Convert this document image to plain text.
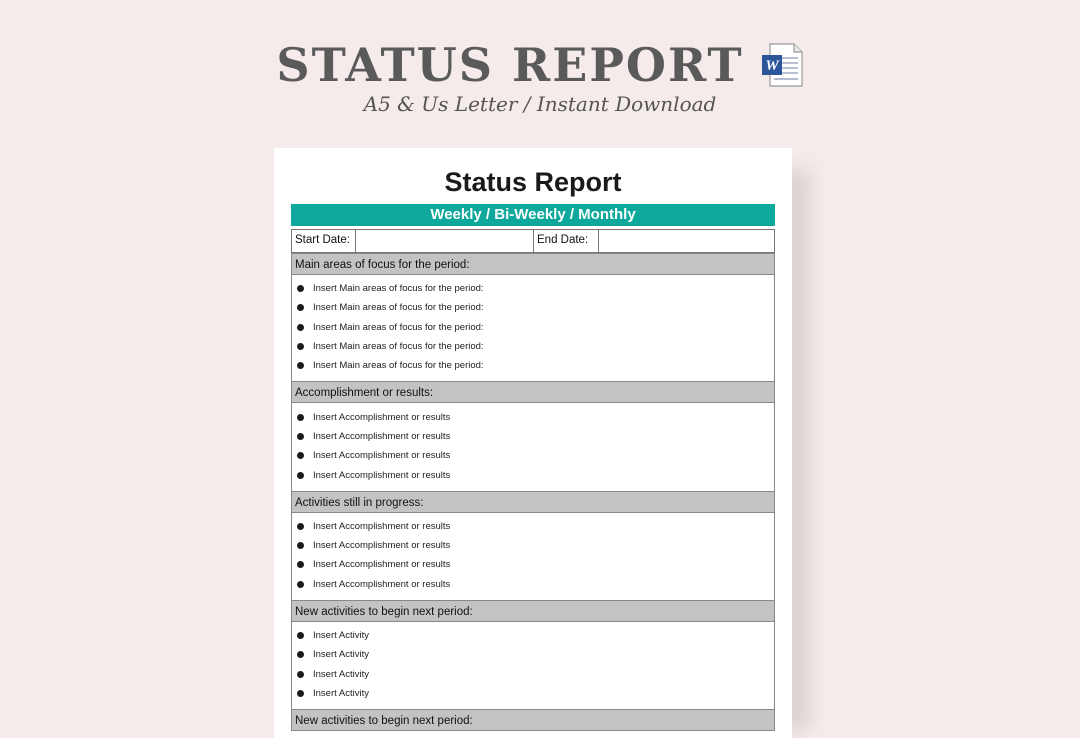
STATUS REPORT W
A5 & Us Letter / Instant Download
Status Report
Weekly / Bi-Weekly / Monthly
Start Date:	End Date:
Main areas of focus for the period:
Insert Main areas of focus for the period:
Insert Main areas of focus for the period:
Insert Main areas of focus for the period:
Insert Main areas of focus for the period:
Insert Main areas of focus for the period:
Accomplishment or results:
Insert Accomplishment or results
Insert Accomplishment or results
Insert Accomplishment or results
Insert Accomplishment or results
Activities still in progress:
Insert Accomplishment or results
Insert Accomplishment or results
Insert Accomplishment or results
Insert Accomplishment or results
New activities to begin next period:
Insert Activity
Insert Activity
Insert Activity
Insert Activity
New activities to begin next period:
